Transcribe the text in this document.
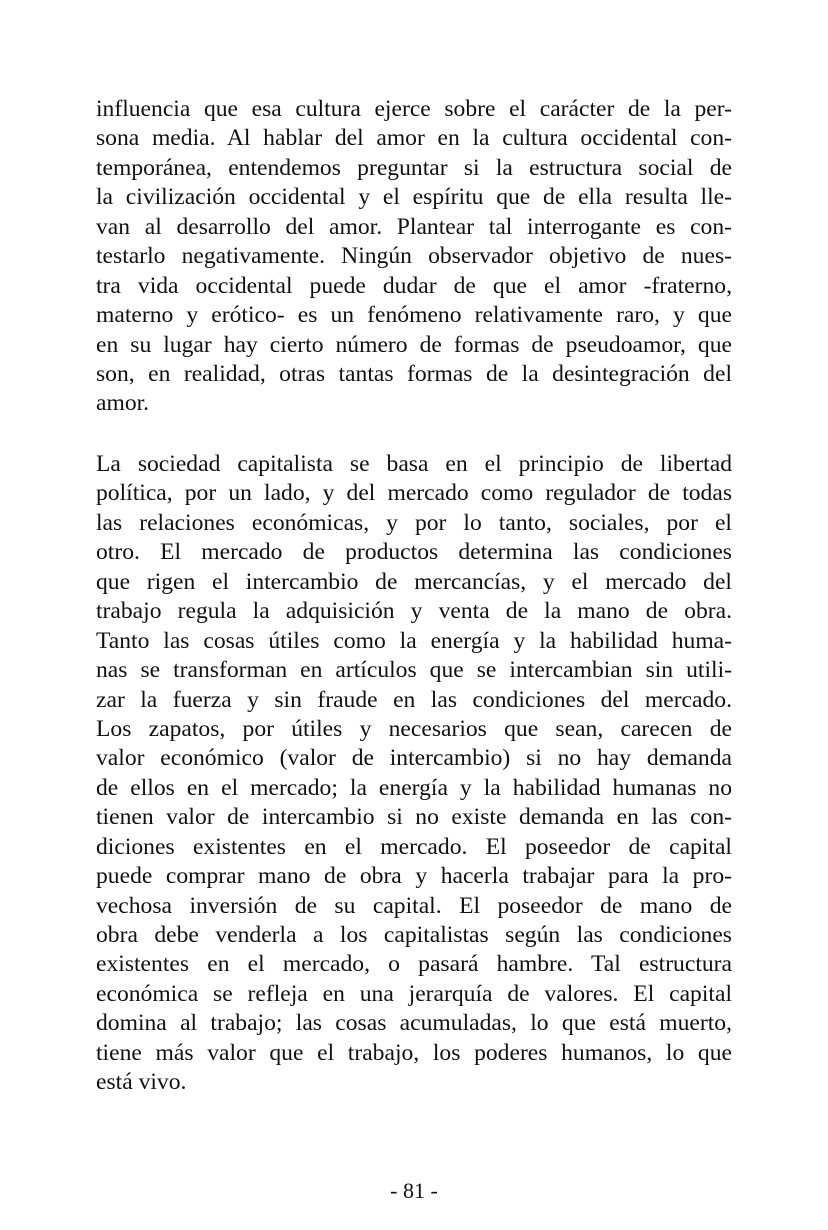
influencia que esa cultura ejerce sobre el carácter de la per-
sona media. Al hablar del amor en la cultura occidental con-
temporánea, entendemos preguntar si la estructura social de
la civilización occidental y el espíritu que de ella resulta lle-
van al desarrollo del amor. Plantear tal interrogante es con-
testarlo negativamente. Ningún observador objetivo de nues-
tra vida occidental puede dudar de que el amor -fraterno,
materno y erótico- es un fenómeno relativamente raro, y que
en su lugar hay cierto número de formas de pseudoamor, que
son, en realidad, otras tantas formas de la desintegración del
amor.
La sociedad capitalista se basa en el principio de libertad
política, por un lado, y del mercado como regulador de todas
las relaciones económicas, y por lo tanto, sociales, por el
otro. El mercado de productos determina las condiciones
que rigen el intercambio de mercancías, y el mercado del
trabajo regula la adquisición y venta de la mano de obra.
Tanto las cosas útiles como la energía y la habilidad huma-
nas se transforman en artículos que se intercambian sin utili-
zar la fuerza y sin fraude en las condiciones del mercado.
Los zapatos, por útiles y necesarios que sean, carecen de
valor económico (valor de intercambio) si no hay demanda
de ellos en el mercado; la energía y la habilidad humanas no
tienen valor de intercambio si no existe demanda en las con-
diciones existentes en el mercado. El poseedor de capital
puede comprar mano de obra y hacerla trabajar para la pro-
vechosa inversión de su capital. El poseedor de mano de
obra debe venderla a los capitalistas según las condiciones
existentes en el mercado, o pasará hambre. Tal estructura
económica se refleja en una jerarquía de valores. El capital
domina al trabajo; las cosas acumuladas, lo que está muerto,
tiene más valor que el trabajo, los poderes humanos, lo que
está vivo.
- 81 -
